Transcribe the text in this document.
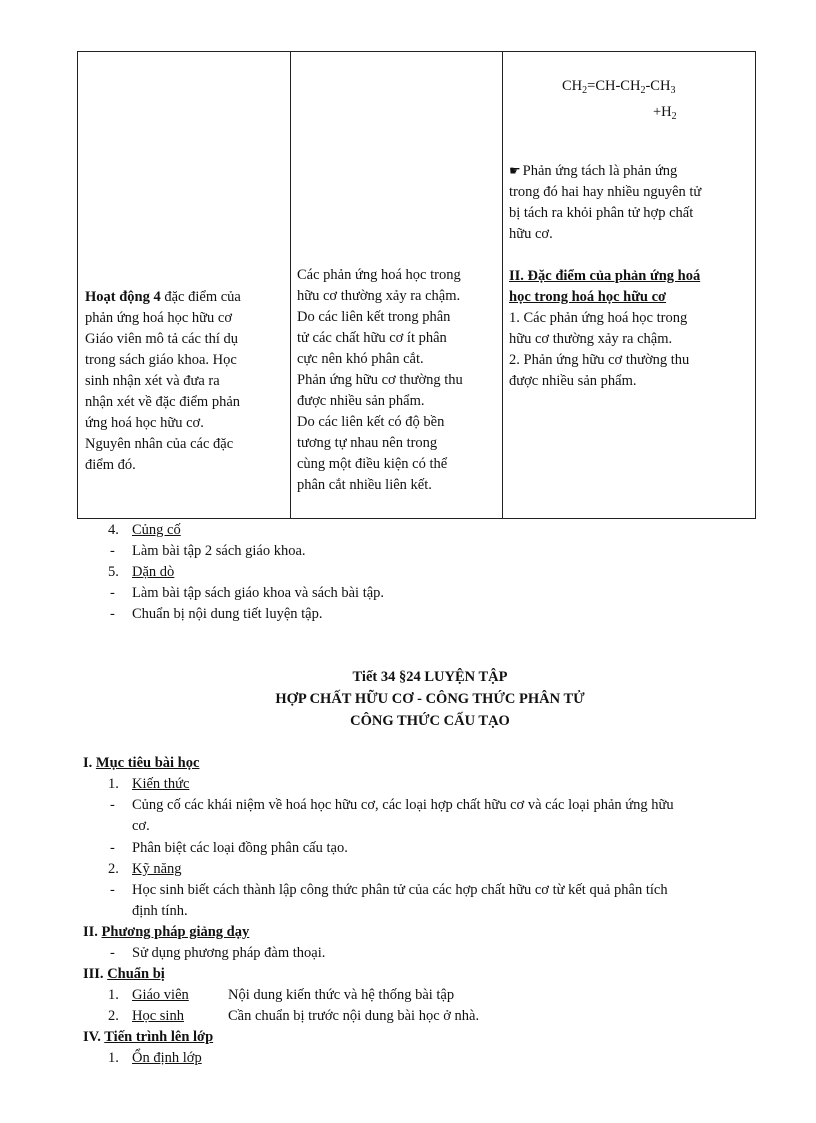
$CH_2=CH-CH_2-CH_3$
$+H_2$
☛ Phản ứng tách là phản ứng
trong đó hai hay nhiều nguyên tử
bị tách ra khỏi phân tử hợp chất
hữu cơ.
II. Đặc điểm của phản ứng hoá
học trong hoá học hữu cơ
1. Các phản ứng hoá học trong
hữu cơ thường xảy ra chậm.
2. Phản ứng hữu cơ thường thu
được nhiều sản phẩm.
Hoạt động 4 đặc điểm của
phản ứng hoá học hữu cơ
Giáo viên mô tả các thí dụ
trong sách giáo khoa. Học
sinh nhận xét và đưa ra
nhận xét về đặc điểm phản
ứng hoá học hữu cơ.
Nguyên nhân của các đặc
điểm đó.
Các phản ứng hoá học trong
hữu cơ thường xảy ra chậm.
Do các liên kết trong phân
tử các chất hữu cơ ít phân
cực nên khó phân cắt.
Phản ứng hữu cơ thường thu
được nhiều sản phẩm.
Do các liên kết có độ bền
tương tự nhau nên trong
cùng một điều kiện có thể
phân cắt nhiều liên kết.
4. Củng cố
- Làm bài tập 2 sách giáo khoa.
5. Dặn dò
- Làm bài tập sách giáo khoa và sách bài tập.
- Chuẩn bị nội dung tiết luyện tập.
Tiết 34 §24 LUYỆN TẬP
HỢP CHẤT HỮU CƠ - CÔNG THỨC PHÂN TỬ
CÔNG THỨC CẤU TẠO
I. Mục tiêu bài học
1. Kiến thức
- Củng cố các khái niệm về hoá học hữu cơ, các loại hợp chất hữu cơ và các loại phản ứng hữu
cơ.
- Phân biệt các loại đồng phân cấu tạo.
2. Kỹ năng
- Học sinh biết cách thành lập công thức phân tử của các hợp chất hữu cơ từ kết quả phân tích
định tính.
II. Phương pháp giảng dạy
- Sử dụng phương pháp đàm thoại.
III. Chuẩn bị
1. Giáo viên	Nội dung kiến thức và hệ thống bài tập
2. Học sinh	Cần chuẩn bị trước nội dung bài học ở nhà.
IV. Tiến trình lên lớp
1. Ổn định lớp
